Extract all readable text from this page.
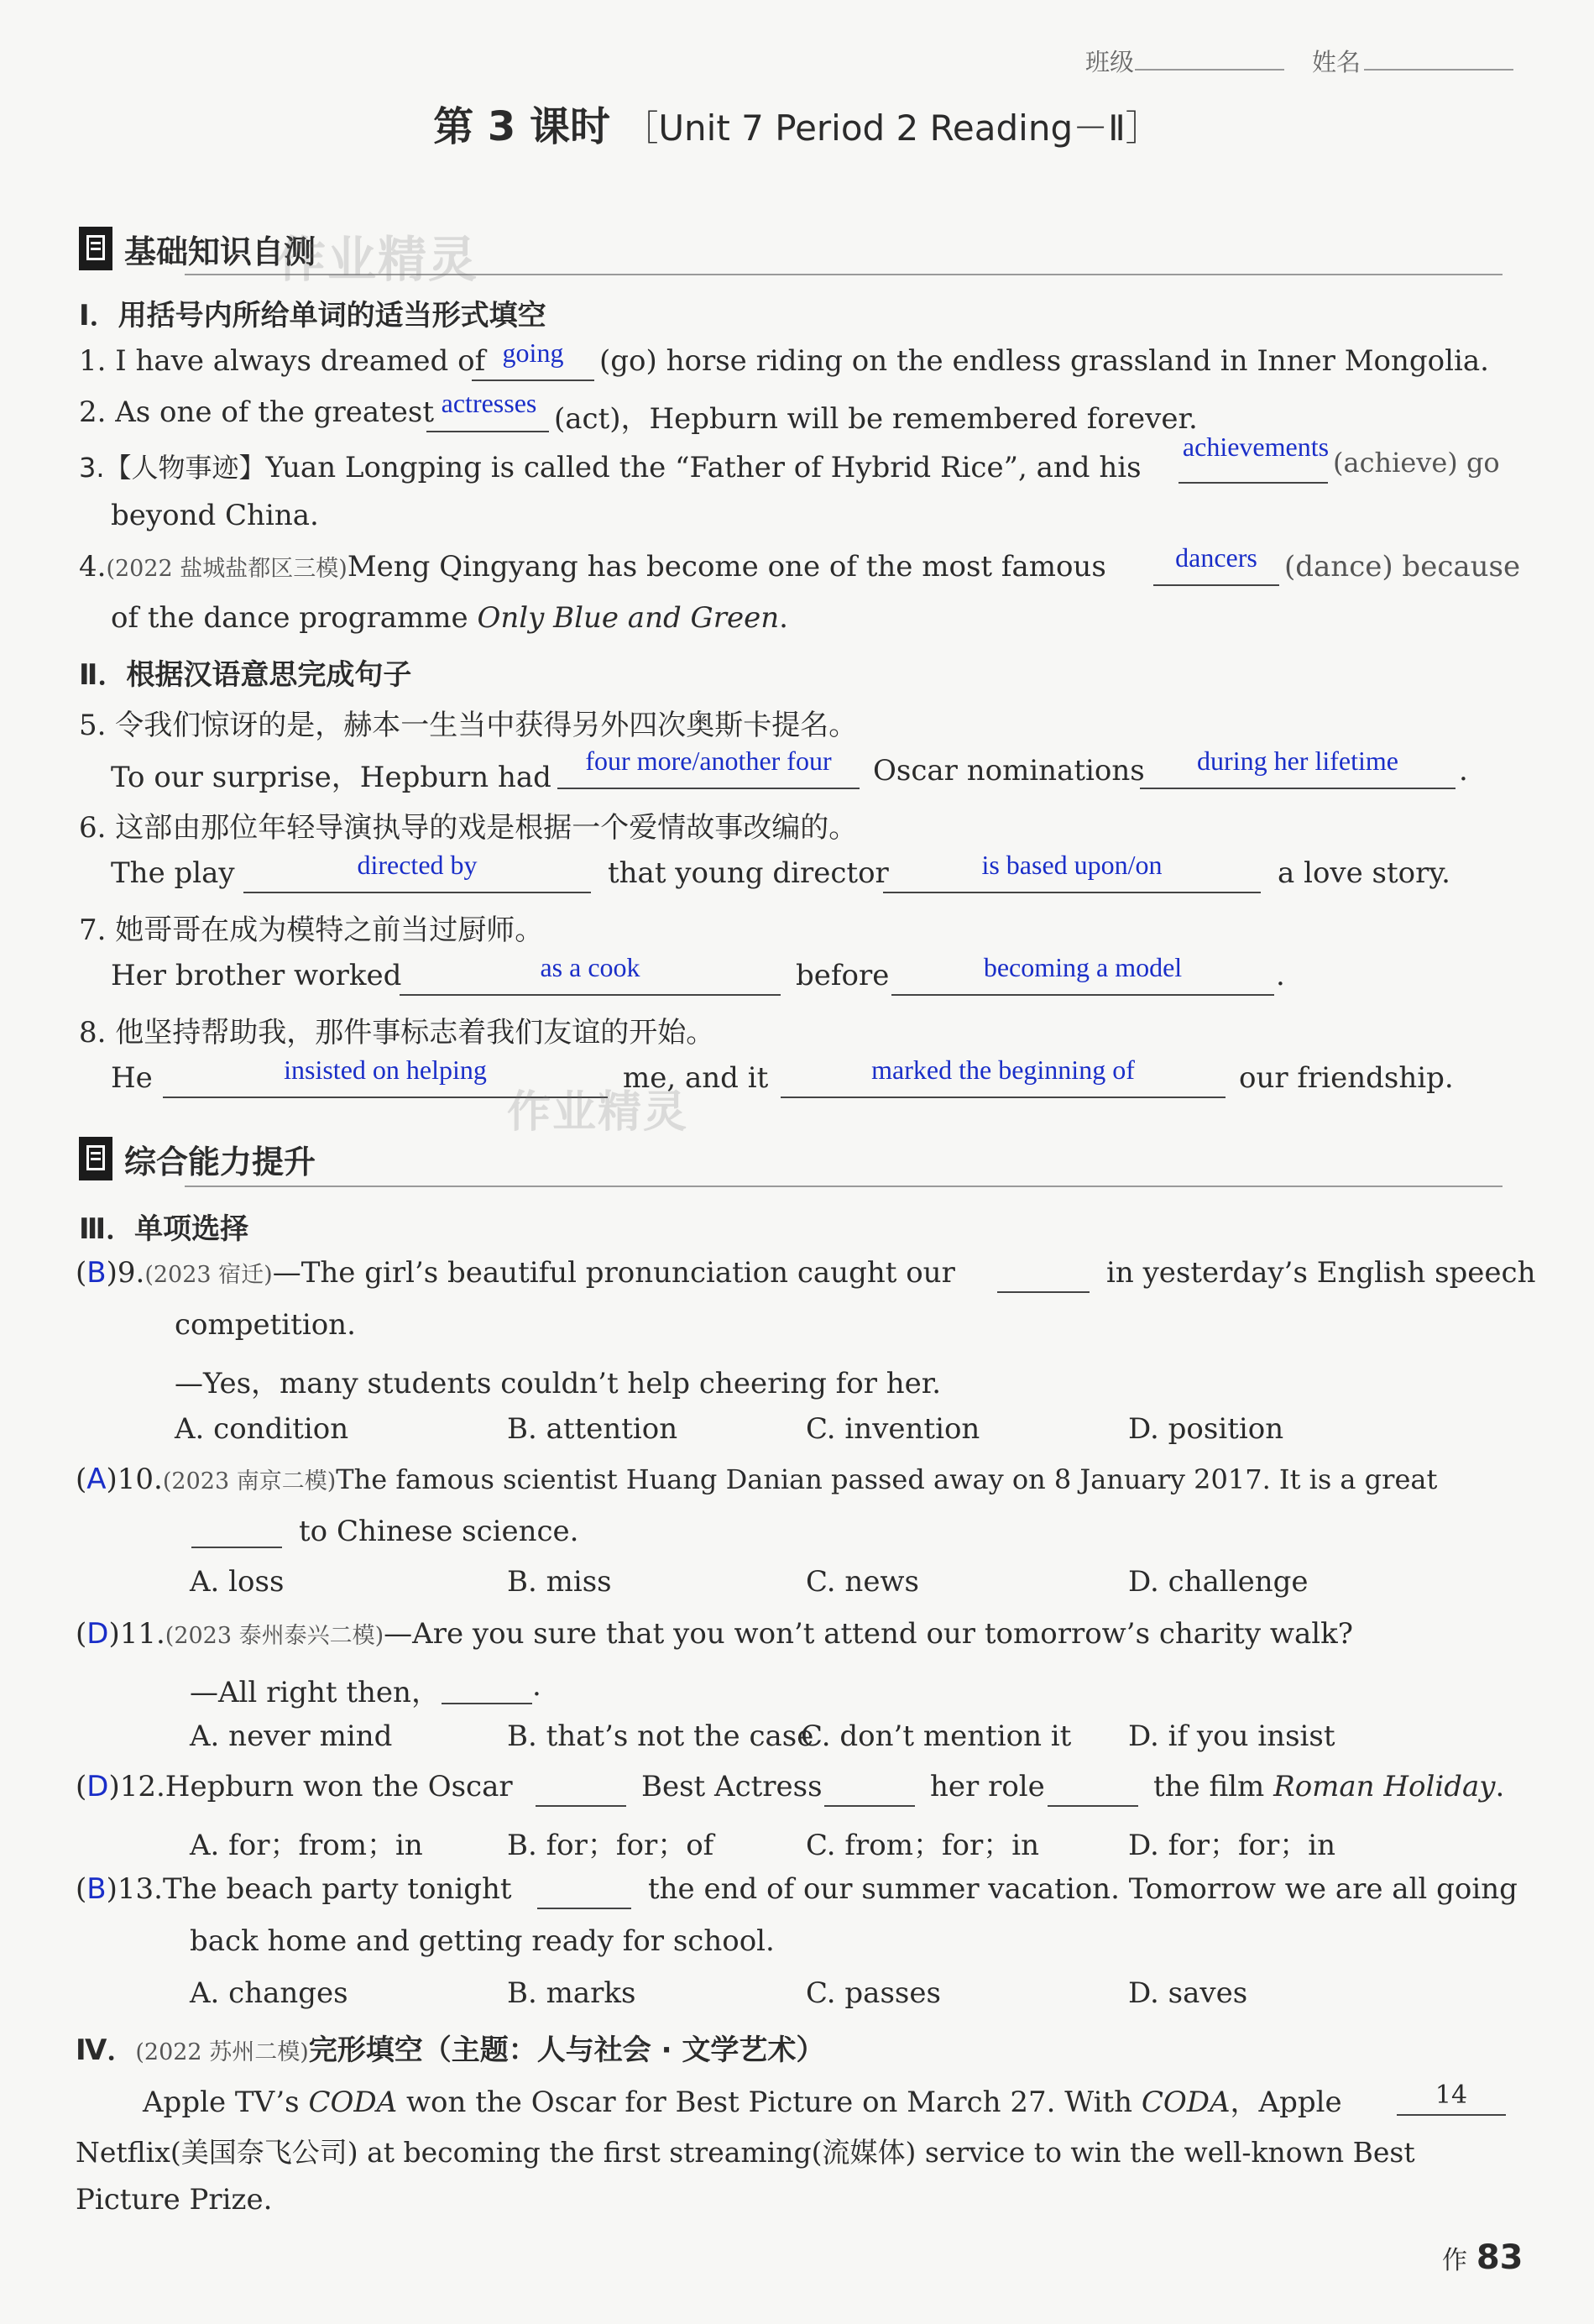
班级	姓名
第 3 课时 ［Unit 7 Period 2 Reading－Ⅱ］
基础知识自测
作业精灵
Ⅰ．用括号内所给单词的适当形式填空
1. I have always dreamed of going	(go) horse riding on the endless grassland in Inner Mongolia.
2. As one of the greatest actresses (act)，Hepburn will be remembered forever.
3.【人物事迹】Yuan Longping is called the “Father of Hybrid Rice”, and his
achievements (achieve) go
beyond China.
4.(2022 盐城盐都区三模)Meng Qingyang has become one of the most famous	dancers (dance) because
of the dance programme Only Blue and Green.
Ⅱ．根据汉语意思完成句子
5. 令我们惊讶的是，赫本一生当中获得另外四次奥斯卡提名。
To our surprise，Hepburn had	four more/another four	Oscar nominations	during her lifetime	.
6. 这部由那位年轻导演执导的戏是根据一个爱情故事改编的。
The play	directed by	that young director	is based upon/on	a love story.
7. 她哥哥在成为模特之前当过厨师。
Her brother worked	as a cook	before	becoming a model	.
8. 他坚持帮助我，那件事标志着我们友谊的开始。
He	insisted on helping	me, and it	marked the beginning of	our friendship.
作业精灵
综合能力提升
Ⅲ．单项选择
(B)9.(2023 宿迁)—The girl’s beautiful pronunciation caught our	in yesterday’s English speech
competition.
—Yes，many students couldn’t help cheering for her.
A. condition	B. attention	C. invention	D. position
(A)10.(2023 南京二模)The famous scientist Huang Danian passed away on 8 January 2017. It is a great
to Chinese science.
A. loss	B. miss	C. news	D. challenge
(D)11.(2023 泰州泰兴二模)—Are you sure that you won’t attend our tomorrow’s charity walk?
—All right then，	.
A. never mind	B. that’s not the case
C. don’t mention it D. if you insist
(D)12.Hepburn won the Oscar	Best Actress	her role	the film Roman Holiday.
A. for；from；in	B. for；for；of	C. from；for；in	D. for；for；in
(B)13.The beach party tonight	the end of our summer vacation. Tomorrow we are all going
back home and getting ready for school.
A. changes	B. marks	C. passes	D. saves
Ⅳ．(2022 苏州二模)完形填空（主题：人与社会 · 文学艺术）
Apple TV’s CODA won the Oscar for Best Picture on March 27. With CODA，Apple	14
Netflix(美国奈飞公司) at becoming the first streaming(流媒体) service to win the well-known Best
Picture Prize.
作 83
